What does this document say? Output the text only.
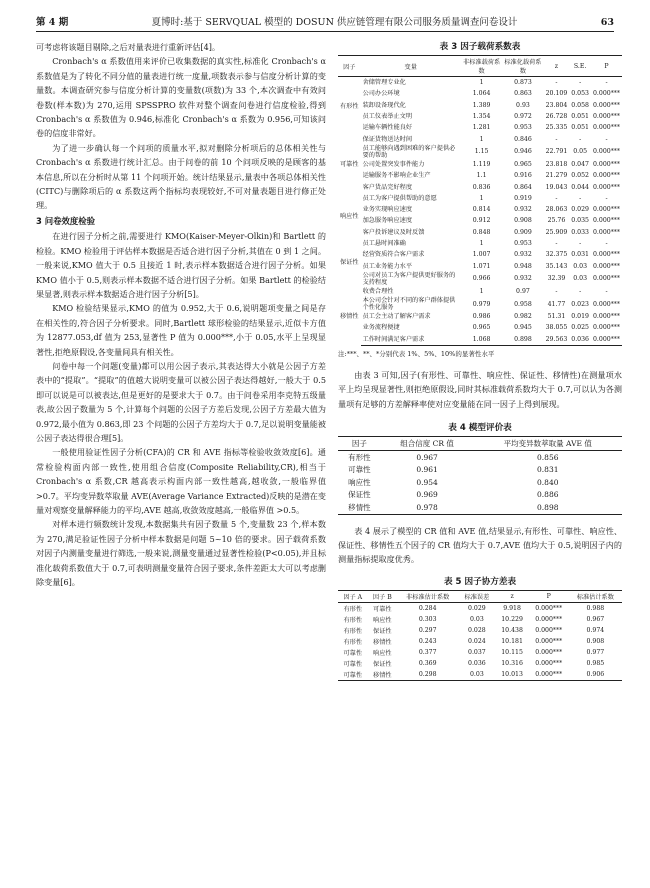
第 4 期	夏博时:基于 SERVQUAL 模型的 DOSUN 供应链管理有限公司服务质量调查问卷设计	63

可考虑将该题目剔除,之后对量表进行重新评估[4]。

Cronbach's α 系数值用来评价已收集数据的真实性,标准化 Cronbach's α 系数值是为了转化不同分值的量表进行统一度量,项数表示参与信度分析计算的变量数。本调查研究参与信度分析计算的变量数(项数)为 33 个,本次调查中有效问卷数(样本数)为 270,运用 SPSSPRO 软件对整个调查问卷进行信度检验,得到 Cronbach's α 系数值为 0.946,标准化 Cronbach's α 系数为 0.956,可知该问卷的信度非常好。

为了进一步确认每一个问项的质量水平,拟对删除分析项后的总体相关性与 Cronbach's α 系数进行统计汇总。由于问卷的前 10 个问项反映的是顾客的基本信息,所以在分析时从第 11 个问项开始。统计结果显示,量表中各项总体相关性(CITC)与删除项后的 α 系数这两个指标均表现较好,不可对量表题目进行修正处理。

3 问卷效度检验

在进行因子分析之前,需要进行 KMO(Kaiser-Meyer-Olkin)和 Bartlett 的检验。KMO 检验用于评估样本数据是否适合进行因子分析,其值在 0 到 1 之间。一般来说,KMO 值大于 0.5 且接近 1 时,表示样本数据适合进行因子分析。如果 KMO 值小于 0.5,则表示样本数据不适合进行因子分析。如果 Bartlett 的检验结果显著,则表示样本数据适合进行因子分析[5]。

KMO 检验结果显示,KMO 的值为 0.952,大于 0.6,说明题项变量之间是存在相关性的,符合因子分析要求。同时,Bartlett 球形检验的结果显示,近似卡方值为 12877.053,df 值为 253,显著性 P 值为 0.000***,小于 0.05,水平上呈现显著性,拒绝原假设,各变量间具有相关性。

问卷中每一个问题(变量)都可以用公因子表示,其表达得大小就是公因子方差表中的“提取”。“提取”的值越大说明变量可以被公因子表达得越好,一般大于 0.5 即可以说是可以被表达,但是更好的是要求大于 0.7。由于问卷采用李克特五级量表,故公因子数量为 5 个,计算每个问题的公因子方差后发现,公因子方差最大值为 0.972,最小值为 0.863,即 23 个问题的公因子方差均大于 0.7,足以说明变量能被公因子表达得很合理[5]。

一般使用验证性因子分析(CFA)的 CR 和 AVE 指标等检验收敛效度[6]。通常检验构面内部一致性,使用组合信度(Composite Reliability,CR),相当于 Cronbach's α 系数,CR 越高表示构面内部一致性越高,越收敛,一般临界值 >0.7。平均变异数萃取量 AVE(Average Variance Extracted)反映的是潜在变量对观察变量解释能力的平均,AVE 越高,收敛效度越高,一般临界值 >0.5。

对样本进行频数统计发现,本数据集共有因子数量 5 个,变量数 23 个,样本数为 270,满足验证性因子分析中样本数据是问题 5~10 倍的要求。因子载荷系数对因子内测量变量进行筛选,一般来说,测量变量通过显著性检验(P<0.05),并且标准化载荷系数值大于 0.7,可表明测量变量符合因子要求,条件差距太大可以考虑删除变量[6]。

表 3 因子载荷系数表
因子	变量	非标准载荷系数	标准化载荷系数	z	S.E.	P
有形性	舍储管理专业化	1	0.873	-	-	-
	公司办公环境	1.064	0.863	20.109	0.053	0.000***
	装卸设备现代化	1.389	0.93	23.804	0.058	0.000***
	员工仪表举止文明	1.354	0.972	26.728	0.051	0.000***
	运输车辆性能良好	1.281	0.953	25.335	0.051	0.000***
可靠性	保证货物送达时间	1	0.846	-	-	-
	员工能够向遇到困难的客户提供必要的帮助	1.15	0.946	22.791	0.05	0.000***
	公司处置突发事件能力	1.119	0.965	23.818	0.047	0.000***
	运输服务不影响企业生产	1.1	0.916	21.279	0.052	0.000***
	客户货品完好程度	0.836	0.864	19.043	0.044	0.000***
响应性	员工为客户提供帮助的意愿	1	0.919	-	-	-
	业务实现响应速度	0.814	0.932	28.063	0.029	0.000***
	加急服务响应速度	0.912	0.908	25.76	0.035	0.000***
	客户投诉建议及时反馈	0.848	0.909	25.909	0.033	0.000***
保证性	员工悬时间准确	1	0.953	-	-	-
	经营资质符合客户需求	1.007	0.932	32.375	0.031	0.000***
	员工业务能力水平	1.071	0.948	35.143	0.03	0.000***
	公司对员工为客户提供更好服务的支持程度	0.966	0.932	32.39	0.03	0.000***
移情性	收费合理性	1	0.97	-	-	-
	本公司会针对不同的客户群体提供个性化服务	0.979	0.958	41.77	0.023	0.000***
	员工会主动了解客户需求	0.986	0.982	51.31	0.019	0.000***
	业务流程便捷	0.965	0.945	38.055	0.025	0.000***
	工作时间满足客户需求	1.068	0.898	29.563	0.036	0.000***
注:***、**、*分别代表 1%、5%、10%的显著性水平

由表 3 可知,因子(有形性、可靠性、响应性、保证性、移情性)在测量项水平上均呈现显著性,则拒绝原假设,同时其标准载荷系数均大于 0.7,可以认为各测量项有足够的方差解释率使对应变量能在同一因子上得到展现。

表 4 模型评价表
因子	组合信度 CR 值	平均变异数萃取量 AVE 值
有形性	0.967	0.856
可靠性	0.961	0.831
响应性	0.954	0.840
保证性	0.969	0.886
移情性	0.978	0.898

表 4 展示了模型的 CR 值和 AVE 值,结果显示,有形性、可靠性、响应性、保证性、移情性五个因子的 CR 值均大于 0.7,AVE 值均大于 0.5,说明因子内的测量指标提取度优秀。

表 5 因子协方差表
因子 A	因子 B	非标准估计系数	标准误差	z	P	标准估计系数
有形性	可靠性	0.284	0.029	9.918	0.000***	0.988
有形性	响应性	0.303	0.03	10.229	0.000***	0.967
有形性	保证性	0.297	0.028	10.438	0.000***	0.974
有形性	移情性	0.243	0.024	10.181	0.000***	0.908
可靠性	响应性	0.377	0.037	10.115	0.000***	0.977
可靠性	保证性	0.369	0.036	10.316	0.000***	0.985
可靠性	移情性	0.298	0.03	10.013	0.000***	0.906
